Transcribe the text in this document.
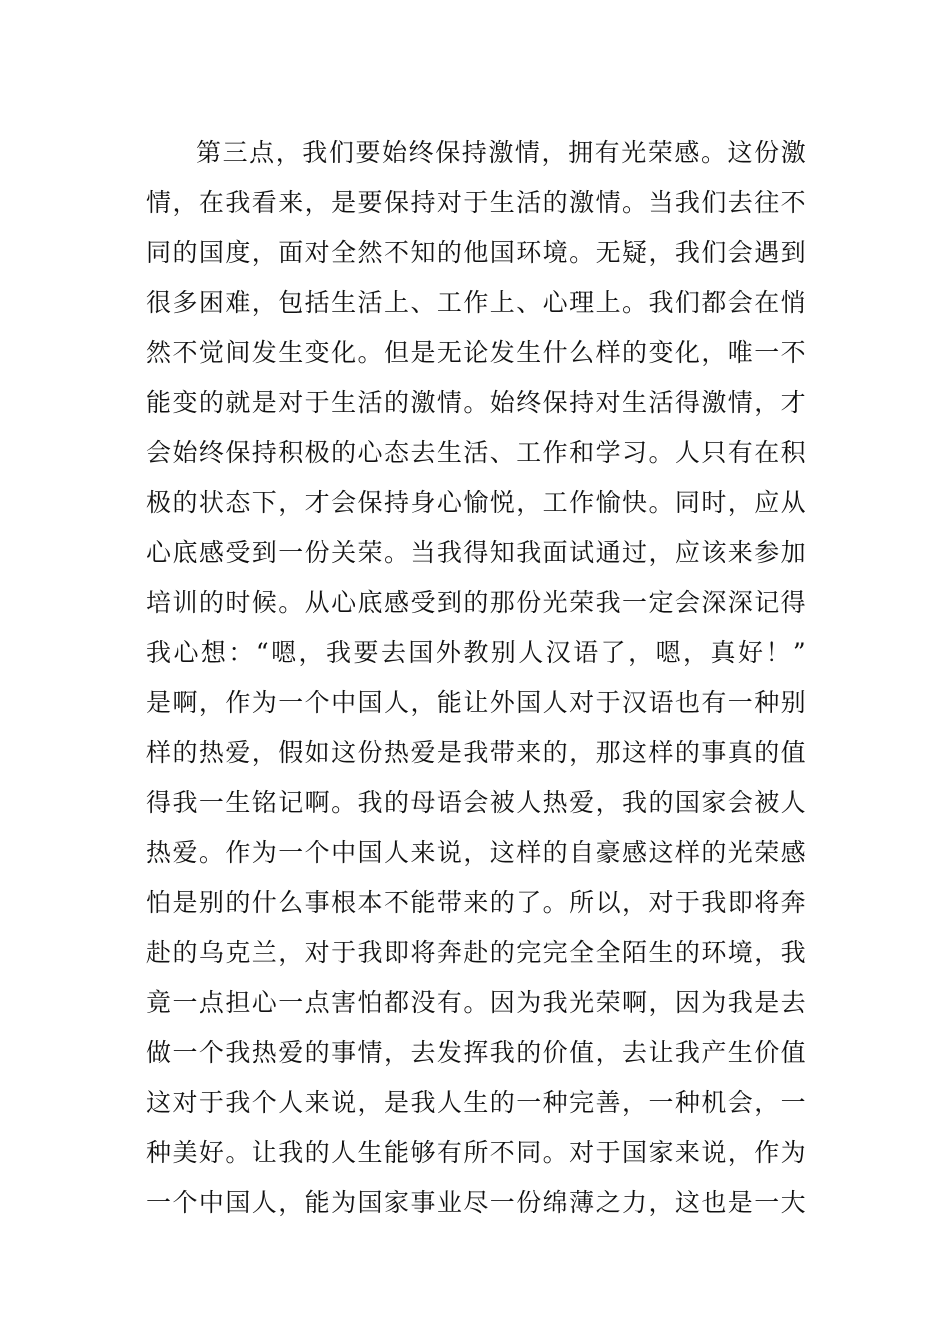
第三点，我们要始终保持激情，拥有光荣感。这份激
情，在我看来，是要保持对于生活的激情。当我们去往不
同的国度，面对全然不知的他国环境。无疑，我们会遇到
很多困难，包括生活上、工作上、心理上。我们都会在悄
然不觉间发生变化。但是无论发生什么样的变化，唯一不
能变的就是对于生活的激情。始终保持对生活得激情，才
会始终保持积极的心态去生活、工作和学习。人只有在积
极的状态下，才会保持身心愉悦，工作愉快。同时，应从
心底感受到一份关荣。当我得知我面试通过，应该来参加
培训的时候。从心底感受到的那份光荣我一定会深深记得
我心想：“嗯，我要去国外教别人汉语了，嗯，真好！”
是啊，作为一个中国人，能让外国人对于汉语也有一种别
样的热爱，假如这份热爱是我带来的，那这样的事真的值
得我一生铭记啊。我的母语会被人热爱，我的国家会被人
热爱。作为一个中国人来说，这样的自豪感这样的光荣感
怕是别的什么事根本不能带来的了。所以，对于我即将奔
赴的乌克兰，对于我即将奔赴的完完全全陌生的环境，我
竟一点担心一点害怕都没有。因为我光荣啊，因为我是去
做一个我热爱的事情，去发挥我的价值，去让我产生价值
这对于我个人来说，是我人生的一种完善，一种机会，一
种美好。让我的人生能够有所不同。对于国家来说，作为
一个中国人，能为国家事业尽一份绵薄之力，这也是一大
